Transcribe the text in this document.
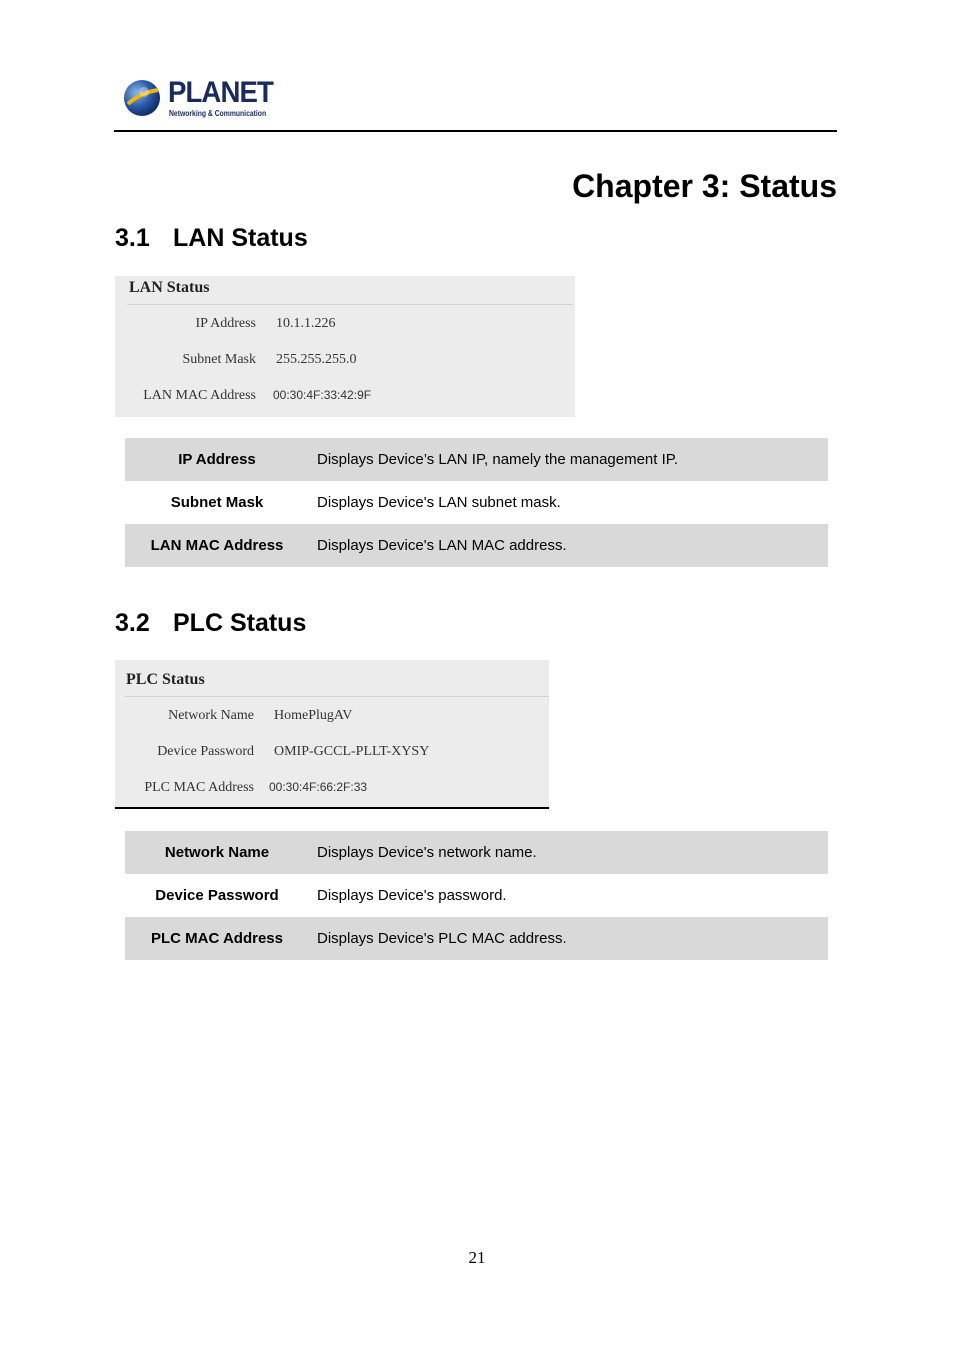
PLANET
Networking & Communication
Chapter 3: Status
3.1 LAN Status
LAN Status
IP Address 10.1.1.226
Subnet Mask 255.255.255.0
LAN MAC Address 00:30:4F:33:42:9F
IP Address	Displays Device’s LAN IP, namely the management IP.
Subnet Mask	Displays Device's LAN subnet mask.
LAN MAC Address	Displays Device's LAN MAC address.
3.2 PLC Status
PLC Status
Network Name HomePlugAV
Device Password OMIP-GCCL-PLLT-XYSY
PLC MAC Address 00:30:4F:66:2F:33
Network Name	Displays Device's network name.
Device Password	Displays Device's password.
PLC MAC Address	Displays Device's PLC MAC address.
21
